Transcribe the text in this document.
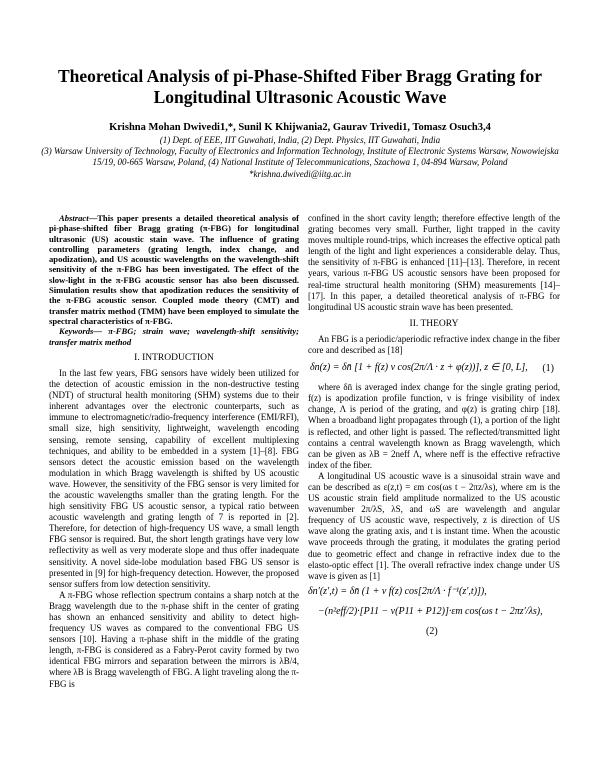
Theoretical Analysis of pi-Phase-Shifted Fiber Bragg Grating for Longitudinal Ultrasonic Acoustic Wave
Krishna Mohan Dwivedi1,*, Sunil K Khijwania2, Gaurav Trivedi1, Tomasz Osuch3,4
(1) Dept. of EEE, IIT Guwahati, India, (2) Dept. Physics, IIT Guwahati, India
(3) Warsaw University of Technology, Faculty of Electronics and Information Technology, Institute of Electronic Systems Warsaw, Nowowiejska 15/19, 00-665 Warsaw, Poland, (4) National Institute of Telecommunications, Szachowa 1, 04-894 Warsaw, Poland
*krishna.dwivedi@iitg.ac.in

Abstract—This paper presents a detailed theoretical analysis of pi-phase-shifted fiber Bragg grating (π-FBG) for longitudinal ultrasonic (US) acoustic stain wave. The influence of grating controlling parameters (grating length, index change, and apodization), and US acoustic wavelengths on the wavelength-shift sensitivity of the π-FBG has been investigated. The effect of the slow-light in the π-FBG acoustic sensor has also been discussed. Simulation results show that apodization reduces the sensitivity of the π-FBG acoustic sensor. Coupled mode theory (CMT) and transfer matrix method (TMM) have been employed to simulate the spectral characteristics of π-FBG.

Keywords— π-FBG; strain wave; wavelength-shift sensitivity; transfer matrix method

I. INTRODUCTION

In the last few years, FBG sensors have widely been utilized for the detection of acoustic emission in the non-destructive testing (NDT) of structural health monitoring (SHM) systems due to their inherent advantages over the electronic counterparts, such as immune to electromagnetic/radio-frequency interference (EMI/RFI), small size, high sensitivity, lightweight, wavelength encoding sensing, remote sensing, capability of excellent multiplexing techniques, and ability to be embedded in a system [1]–[8]. FBG sensors detect the acoustic emission based on the wavelength modulation in which Bragg wavelength is shifted by US acoustic wave. However, the sensitivity of the FBG sensor is very limited for the acoustic wavelengths smaller than the grating length. For the high sensitivity FBG US acoustic sensor, a typical ratio between acoustic wavelength and grating length of 7 is reported in [2]. Therefore, for detection of high-frequency US wave, a small length FBG sensor is required. But, the short length gratings have very low reflectivity as well as very moderate slope and thus offer inadequate sensitivity. A novel side-lobe modulation based FBG US sensor is presented in [9] for high-frequency detection. However, the proposed sensor suffers from low detection sensitivity.

A π-FBG whose reflection spectrum contains a sharp notch at the Bragg wavelength due to the π-phase shift in the center of grating has shown an enhanced sensitivity and ability to detect high-frequency US waves as compared to the conventional FBG US sensors [10]. Having a π-phase shift in the middle of the grating length, π-FBG is considered as a Fabry-Perot cavity formed by two identical FBG mirrors and separation between the mirrors is λB/4, where λB is Bragg wavelength of FBG. A light traveling along the π-FBG is

confined in the short cavity length; therefore effective length of the grating becomes very small. Further, light trapped in the cavity moves multiple round-trips, which increases the effective optical path length of the light and light experiences a considerable delay. Thus, the sensitivity of π-FBG is enhanced [11]–[13]. Therefore, in recent years, various π-FBG US acoustic sensors have been proposed for real-time structural health monitoring (SHM) measurements [14]–[17]. In this paper, a detailed theoretical analysis of π-FBG for longitudinal US acoustic strain wave has been presented.

II. THEORY

An FBG is a periodic/aperiodic refractive index change in the fiber core and described as [18]

δn(z) = δn̄ [1 + f(z) ν cos(2π/Λ · z + φ(z))], z ∈ [0, L], (1)

where δn̄ is averaged index change for the single grating period, f(z) is apodization profile function, ν is fringe visibility of index change, Λ is period of the grating, and φ(z) is grating chirp [18]. When a broadband light propagates through (1), a portion of the light is reflected, and other light is passed. The reflected/transmitted light contains a central wavelength known as Bragg wavelength, which can be given as λB = 2neff Λ, where neff is the effective refractive index of the fiber.

A longitudinal US acoustic wave is a sinusoidal strain wave and can be described as ε(z,t) = εm cos(ωs t − 2πz/λs), where εm is the US acoustic strain field amplitude normalized to the US acoustic wavenumber 2π/λS, λS, and ωS are wavelength and angular frequency of US acoustic wave, respectively, z is direction of US wave along the grating axis, and t is instant time. When the acoustic wave proceeds through the grating, it modulates the grating period due to geometric effect and change in refractive index due to the elasto-optic effect [1]. The overall refractive index change under US wave is given as [1]

δn′(z′,t) = δn̄ (1 + ν f(z) cos[2π/Λ · f⁻¹(z′,t)]),
−(n²eff/2)·[P11 − ν(P11 + P12)]·εm cos(ωs t − 2πz′/λs),
(2)
